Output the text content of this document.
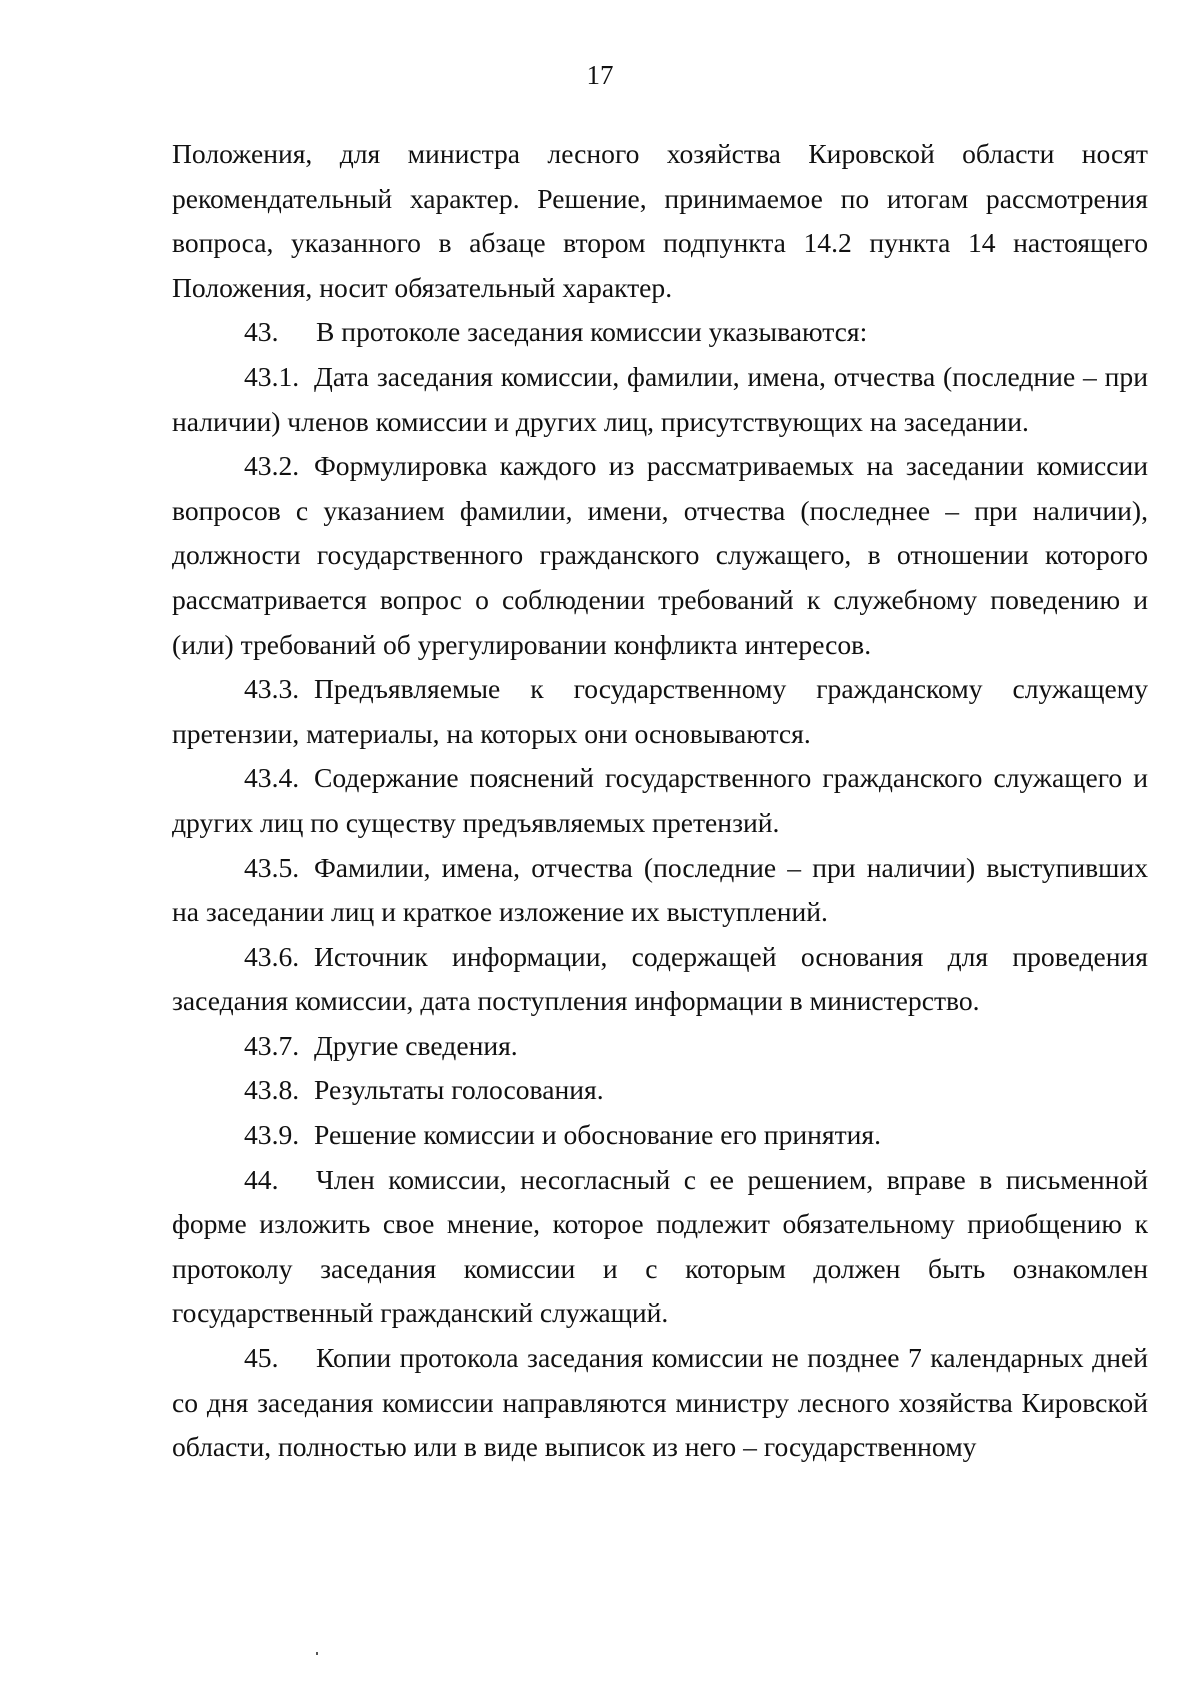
17

Положения, для министра лесного хозяйства Кировской области носят рекомендательный характер. Решение, принимаемое по итогам рассмотрения вопроса, указанного в абзаце втором подпункта 14.2 пункта 14 настоящего Положения, носит обязательный характер.

43. В протоколе заседания комиссии указываются:

43.1. Дата заседания комиссии, фамилии, имена, отчества (последние – при наличии) членов комиссии и других лиц, присутствующих на заседании.

43.2. Формулировка каждого из рассматриваемых на заседании комиссии вопросов с указанием фамилии, имени, отчества (последнее – при наличии), должности государственного гражданского служащего, в отношении которого рассматривается вопрос о соблюдении требований к служебному поведению и (или) требований об урегулировании конфликта интересов.

43.3. Предъявляемые к государственному гражданскому служащему претензии, материалы, на которых они основываются.

43.4. Содержание пояснений государственного гражданского служащего и других лиц по существу предъявляемых претензий.

43.5. Фамилии, имена, отчества (последние – при наличии) выступивших на заседании лиц и краткое изложение их выступлений.

43.6. Источник информации, содержащей основания для проведения заседания комиссии, дата поступления информации в министерство.

43.7. Другие сведения.

43.8. Результаты голосования.

43.9. Решение комиссии и обоснование его принятия.

44. Член комиссии, несогласный с ее решением, вправе в письменной форме изложить свое мнение, которое подлежит обязательному приобщению к протоколу заседания комиссии и с которым должен быть ознакомлен государственный гражданский служащий.

45. Копии протокола заседания комиссии не позднее 7 календарных дней со дня заседания комиссии направляются министру лесного хозяйства Кировской области, полностью или в виде выписок из него – государственному
